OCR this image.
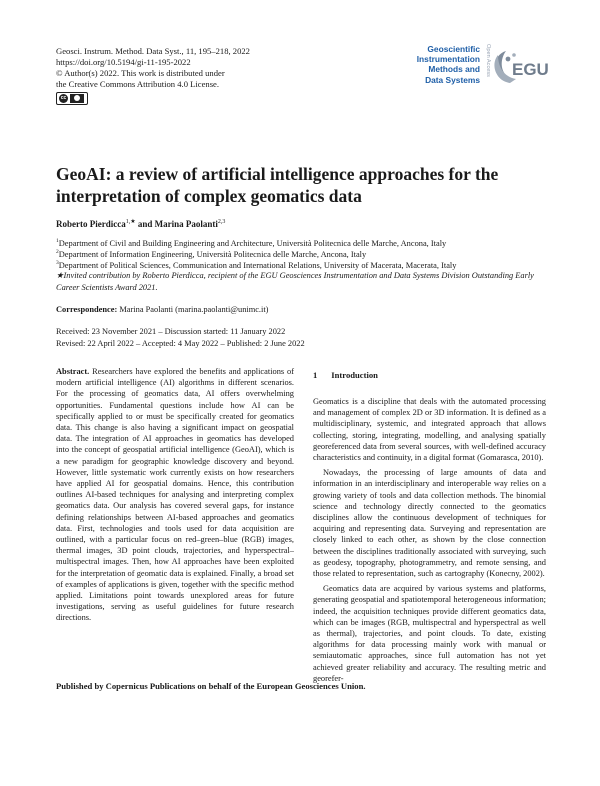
Geosci. Instrum. Method. Data Syst., 11, 195–218, 2022
https://doi.org/10.5194/gi-11-195-2022
© Author(s) 2022. This work is distributed under
the Creative Commons Attribution 4.0 License.
cc
Geoscientific
Instrumentation
Methods and
Data Systems
Open Access EGU
GeoAI: a review of artificial intelligence approaches for the interpretation of complex geomatics data
Roberto Pierdicca$^{1,★}$ and Marina Paolanti$^{2,3}$
$^1$Department of Civil and Building Engineering and Architecture, Università Politecnica delle Marche, Ancona, Italy
$^2$Department of Information Engineering, Università Politecnica delle Marche, Ancona, Italy
$^3$Department of Political Sciences, Communication and International Relations, University of Macerata, Macerata, Italy
★Invited contribution by Roberto Pierdicca, recipient of the EGU Geosciences Instrumentation and Data Systems Division Outstanding Early Career Scientists Award 2021.
Correspondence: Marina Paolanti (marina.paolanti@unimc.it)
Received: 23 November 2021 – Discussion started: 11 January 2022
Revised: 22 April 2022 – Accepted: 4 May 2022 – Published: 2 June 2022
Abstract. Researchers have explored the benefits and applications of modern artificial intelligence (AI) algorithms in different scenarios. For the processing of geomatics data, AI offers overwhelming opportunities. Fundamental questions include how AI can be specifically applied to or must be specifically created for geomatics data. This change is also having a significant impact on geospatial data. The integration of AI approaches in geomatics has developed into the concept of geospatial artificial intelligence (GeoAI), which is a new paradigm for geographic knowledge discovery and beyond. However, little systematic work currently exists on how researchers have applied AI for geospatial domains. Hence, this contribution outlines AI-based techniques for analysing and interpreting complex geomatics data. Our analysis has covered several gaps, for instance defining relationships between AI-based approaches and geomatics data. First, technologies and tools used for data acquisition are outlined, with a particular focus on red–green–blue (RGB) images, thermal images, 3D point clouds, trajectories, and hyperspectral–multispectral images. Then, how AI approaches have been exploited for the interpretation of geomatic data is explained. Finally, a broad set of examples of applications is given, together with the specific method applied. Limitations point towards unexplored areas for future investigations, serving as useful guidelines for future research directions.
1 Introduction

Geomatics is a discipline that deals with the automated processing and management of complex 2D or 3D information. It is defined as a multidisciplinary, systemic, and integrated approach that allows collecting, storing, integrating, modelling, and analysing spatially georeferenced data from several sources, with well-defined accuracy characteristics and continuity, in a digital format (Gomarasca, 2010).

Nowadays, the processing of large amounts of data and information in an interdisciplinary and interoperable way relies on a growing variety of tools and data collection methods. The binomial science and technology directly connected to the geomatics disciplines allow the continuous development of techniques for acquiring and representing data. Surveying and representation are closely linked to each other, as shown by the close connection between the disciplines traditionally associated with surveying, such as geodesy, topography, photogrammetry, and remote sensing, and those related to representation, such as cartography (Konecny, 2002).

Geomatics data are acquired by various systems and platforms, generating geospatial and spatiotemporal heterogeneous information; indeed, the acquisition techniques provide different geomatics data, which can be images (RGB, multispectral and hyperspectral as well as thermal), trajectories, and point clouds. To date, existing algorithms for data processing mainly work with manual or semiautomatic approaches, since full automation has not yet achieved greater reliability and accuracy. The resulting metric and georefer-

Published by Copernicus Publications on behalf of the European Geosciences Union.
